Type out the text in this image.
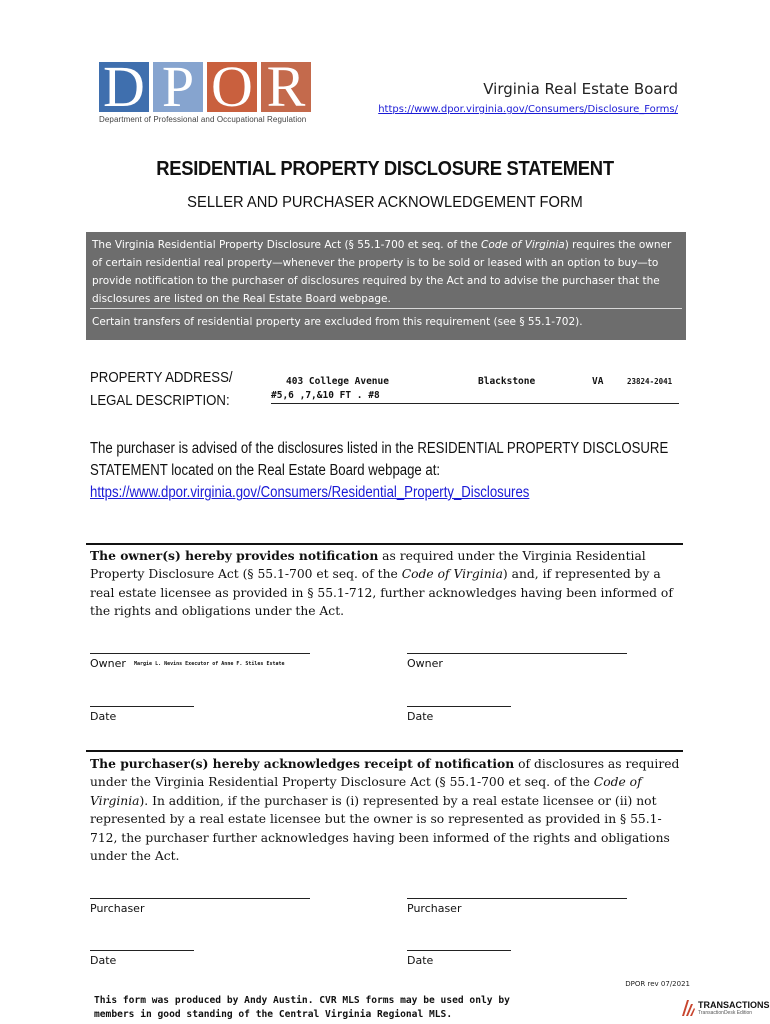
D P O R
Department of Professional and Occupational Regulation
Virginia Real Estate Board
https://www.dpor.virginia.gov/Consumers/Disclosure_Forms/
RESIDENTIAL PROPERTY DISCLOSURE STATEMENT
SELLER AND PURCHASER ACKNOWLEDGEMENT FORM

The Virginia Residential Property Disclosure Act (§ 55.1-700 et seq. of the Code of Virginia) requires the owner of certain residential real property—whenever the property is to be sold or leased with an option to buy—to provide notification to the purchaser of disclosures required by the Act and to advise the purchaser that the disclosures are listed on the Real Estate Board webpage.

Certain transfers of residential property are excluded from this requirement (see § 55.1-702).

PROPERTY ADDRESS/
LEGAL DESCRIPTION:
403 College Avenue	Blackstone	VA	23824-2041
#5,6 ,7,&10 FT . #8
The purchaser is advised of the disclosures listed in the RESIDENTIAL PROPERTY DISCLOSURE STATEMENT located on the Real Estate Board webpage at:
https://www.dpor.virginia.gov/Consumers/Residential_Property_Disclosures
The owner(s) hereby provides notification as required under the Virginia Residential Property Disclosure Act (§ 55.1-700 et seq. of the Code of Virginia) and, if represented by a real estate licensee as provided in § 55.1-712, further acknowledges having been informed of the rights and obligations under the Act.
Owner Margie L. Nevins Executor of Anne F. Stiles Estate	Owner
Date	Date
The purchaser(s) hereby acknowledges receipt of notification of disclosures as required under the Virginia Residential Property Disclosure Act (§ 55.1-700 et seq. of the Code of Virginia). In addition, if the purchaser is (i) represented by a real estate licensee or (ii) not represented by a real estate licensee but the owner is so represented as provided in § 55.1-712, the purchaser further acknowledges having been informed of the rights and obligations under the Act.
Purchaser	Purchaser
Date	Date
DPOR rev 07/2021
This form was produced by Andy Austin. CVR MLS forms may be used only by
members in good standing of the Central Virginia Regional MLS.
TRANSACTIONS
TransactionDesk Edition
